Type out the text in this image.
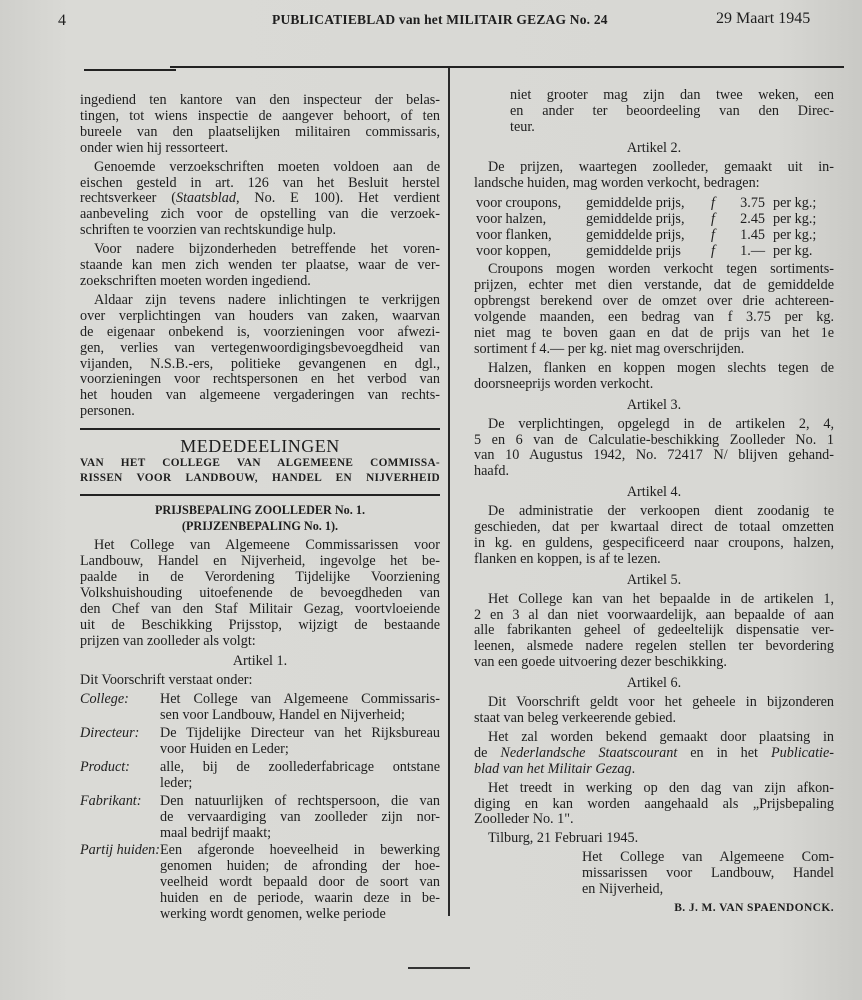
4	PUBLICATIEBLAD van het MILITAIR GEZAG No. 24	29 Maart 1945
ingediend ten kantore van den inspecteur der belas-
tingen, tot wiens inspectie de aangever behoort, of ten
bureele van den plaatselijken militairen commissaris,
onder wien hij ressorteert.
Genoemde verzoekschriften moeten voldoen aan de
eischen gesteld in art. 126 van het Besluit herstel
rechtsverkeer (Staatsblad, No. E 100). Het verdient
aanbeveling zich voor de opstelling van die verzoek-
schriften te voorzien van rechtskundige hulp.
Voor nadere bijzonderheden betreffende het voren-
staande kan men zich wenden ter plaatse, waar de ver-
zoekschriften moeten worden ingediend.
Aldaar zijn tevens nadere inlichtingen te verkrijgen
over verplichtingen van houders van zaken, waarvan
de eigenaar onbekend is, voorzieningen voor afwezi-
gen, verlies van vertegenwoordigingsbevoegdheid van
vijanden, N.S.B.-ers, politieke gevangenen en dgl.,
voorzieningen voor rechtspersonen en het verbod van
het houden van algemeene vergaderingen van rechts-
personen.
MEDEDEELINGEN
VAN HET COLLEGE VAN ALGEMEENE COMMISSA-
RISSEN VOOR LANDBOUW, HANDEL EN NIJVERHEID
PRIJSBEPALING ZOOLLEDER No. 1.
(PRIJZENBEPALING No. 1).
Het College van Algemeene Commissarissen voor
Landbouw, Handel en Nijverheid, ingevolge het be-
paalde in de Verordening Tijdelijke Voorziening
Volkshuishouding uitoefenende de bevoegdheden van
den Chef van den Staf Militair Gezag, voortvloeiende
uit de Beschikking Prijsstop, wijzigt de bestaande
prijzen van zoolleder als volgt:
Artikel 1.
Dit Voorschrift verstaat onder:
College:	Het College van Algemeene Commissaris-
sen voor Landbouw, Handel en Nijverheid;
Directeur:	De Tijdelijke Directeur van het Rijksbureau
voor Huiden en Leder;
Product:	alle, bij de zoollederfabricage ontstane
leder;
Fabrikant:	Den natuurlijken of rechtspersoon, die van
de vervaardiging van zoolleder zijn nor-
maal bedrijf maakt;
Partij huiden: Een afgeronde hoeveelheid in bewerking
genomen huiden; de afronding der hoe-
veelheid wordt bepaald door de soort van
huiden en de periode, waarin deze in be-
werking wordt genomen, welke periode
niet grooter mag zijn dan twee weken, een
en ander ter beoordeeling van den Direc-
teur.
Artikel 2.
De prijzen, waartegen zoolleder, gemaakt uit in-
landsche huiden, mag worden verkocht, bedragen:
voor croupons,	gemiddelde prijs,	f	3.75 per kg.;
voor halzen,	gemiddelde prijs,	f	2.45 per kg.;
voor flanken,	gemiddelde prijs,	f	1.45 per kg.;
voor koppen,	gemiddelde prijs	f	1.— per kg.
Croupons mogen worden verkocht tegen sortiments-
prijzen, echter met dien verstande, dat de gemiddelde
opbrengst berekend over de omzet over drie achtereen-
volgende maanden, een bedrag van f 3.75 per kg.
niet mag te boven gaan en dat de prijs van het 1e
sortiment f 4.— per kg. niet mag overschrijden.
Halzen, flanken en koppen mogen slechts tegen de
doorsneeprijs worden verkocht.
Artikel 3.
De verplichtingen, opgelegd in de artikelen 2, 4,
5 en 6 van de Calculatie-beschikking Zoolleder No. 1
van 10 Augustus 1942, No. 72417 N/ blijven gehand-
haafd.
Artikel 4.
De administratie der verkoopen dient zoodanig te
geschieden, dat per kwartaal direct de totaal omzetten
in kg. en guldens, gespecificeerd naar croupons, halzen,
flanken en koppen, is af te lezen.
Artikel 5.
Het College kan van het bepaalde in de artikelen 1,
2 en 3 al dan niet voorwaardelijk, aan bepaalde of aan
alle fabrikanten geheel of gedeeltelijk dispensatie ver-
leenen, alsmede nadere regelen stellen ter bevordering
van een goede uitvoering dezer beschikking.
Artikel 6.
Dit Voorschrift geldt voor het geheele in bijzonderen
staat van beleg verkeerende gebied.
Het zal worden bekend gemaakt door plaatsing in
de Nederlandsche Staatscourant en in het Publicatie-
blad van het Militair Gezag.
Het treedt in werking op den dag van zijn afkon-
diging en kan worden aangehaald als „Prijsbepaling
Zoolleder No. 1".
Tilburg, 21 Februari 1945.
Het College van Algemeene Com-
missarissen voor Landbouw, Handel
en Nijverheid,
B. J. M. VAN SPAENDONCK.
